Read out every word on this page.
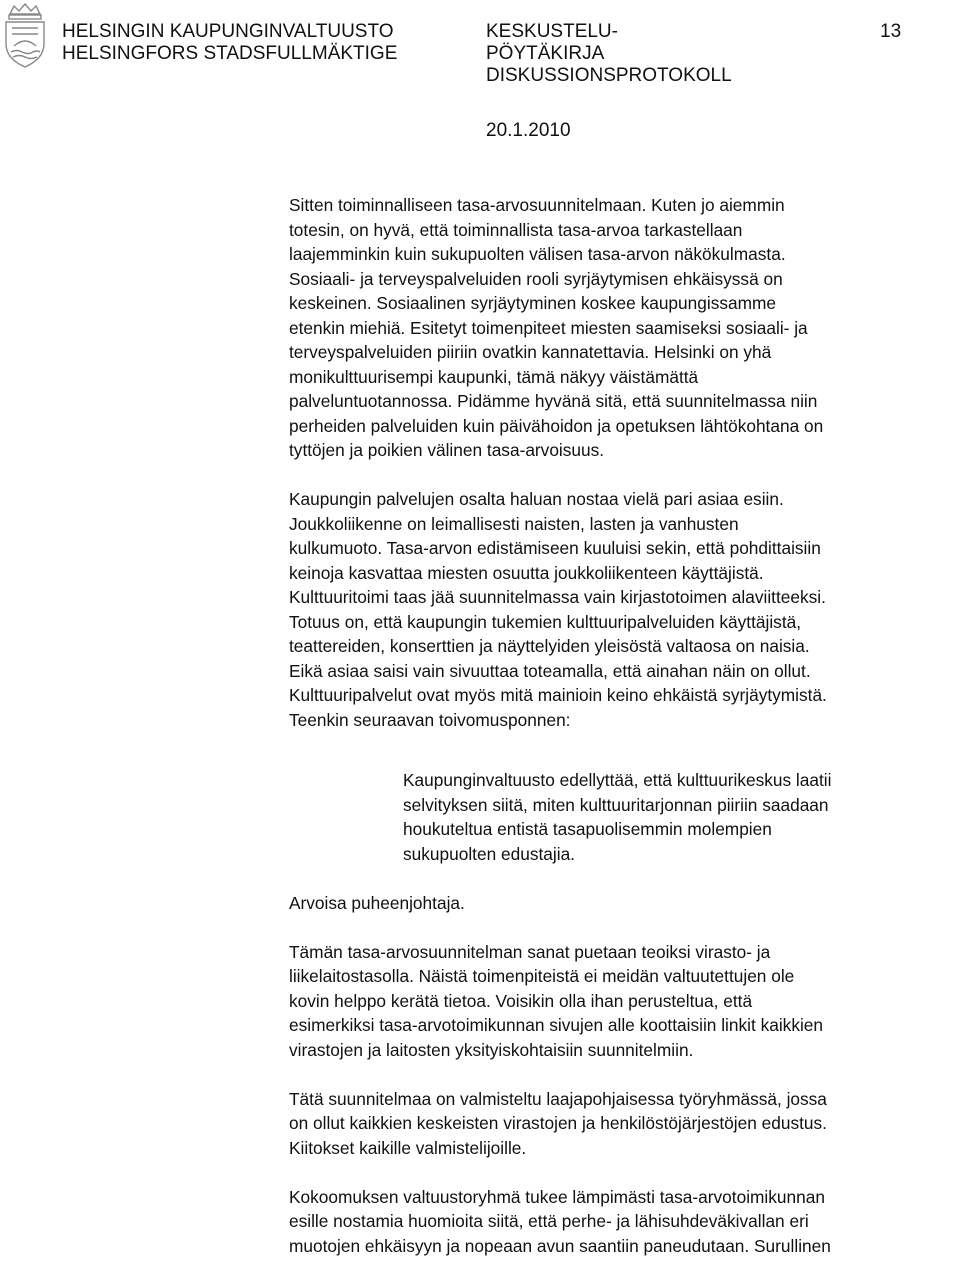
HELSINGIN KAUPUNGINVALTUUSTO
HELSINGFORS STADSFULLMÄKTIGE
KESKUSTELU-
PÖYTÄKIRJA
DISKUSSIONSPROTOKOLL
13
20.1.2010

Sitten toiminnalliseen tasa-arvosuunnitelmaan. Kuten jo aiemmin
totesin, on hyvä, että toiminnallista tasa-arvoa tarkastellaan
laajemminkin kuin sukupuolten välisen tasa-arvon näkökulmasta.
Sosiaali- ja terveyspalveluiden rooli syrjäytymisen ehkäisyssä on
keskeinen. Sosiaalinen syrjäytyminen koskee kaupungissamme
etenkin miehiä. Esitetyt toimenpiteet miesten saamiseksi sosiaali- ja
terveyspalveluiden piiriin ovatkin kannatettavia. Helsinki on yhä
monikulttuurisempi kaupunki, tämä näkyy väistämättä
palveluntuotannossa. Pidämme hyvänä sitä, että suunnitelmassa niin
perheiden palveluiden kuin päivähoidon ja opetuksen lähtökohtana on
tyttöjen ja poikien välinen tasa-arvoisuus.

Kaupungin palvelujen osalta haluan nostaa vielä pari asiaa esiin.
Joukkoliikenne on leimallisesti naisten, lasten ja vanhusten
kulkumuoto. Tasa-arvon edistämiseen kuuluisi sekin, että pohdittaisiin
keinoja kasvattaa miesten osuutta joukkoliikenteen käyttäjistä.
Kulttuuritoimi taas jää suunnitelmassa vain kirjastotoimen alaviitteeksi.
Totuus on, että kaupungin tukemien kulttuuripalveluiden käyttäjistä,
teattereiden, konserttien ja näyttelyiden yleisöstä valtaosa on naisia.
Eikä asiaa saisi vain sivuuttaa toteamalla, että ainahan näin on ollut.
Kulttuuripalvelut ovat myös mitä mainioin keino ehkäistä syrjäytymistä.
Teenkin seuraavan toivomusponnen:

Kaupunginvaltuusto edellyttää, että kulttuurikeskus laatii
selvityksen siitä, miten kulttuuritarjonnan piiriin saadaan
houkuteltua entistä tasapuolisemmin molempien
sukupuolten edustajia.

Arvoisa puheenjohtaja.

Tämän tasa-arvosuunnitelman sanat puetaan teoiksi virasto- ja
liikelaitostasolla. Näistä toimenpiteistä ei meidän valtuutettujen ole
kovin helppo kerätä tietoa. Voisikin olla ihan perusteltua, että
esimerkiksi tasa-arvotoimikunnan sivujen alle koottaisiin linkit kaikkien
virastojen ja laitosten yksityiskohtaisiin suunnitelmiin.

Tätä suunnitelmaa on valmisteltu laajapohjaisessa työryhmässä, jossa
on ollut kaikkien keskeisten virastojen ja henkilöstöjärjestöjen edustus.
Kiitokset kaikille valmistelijoille.

Kokoomuksen valtuustoryhmä tukee lämpimästi tasa-arvotoimikunnan
esille nostamia huomioita siitä, että perhe- ja lähisuhdeväkivallan eri
muotojen ehkäisyyn ja nopeaan avun saantiin paneudutaan. Surullinen
